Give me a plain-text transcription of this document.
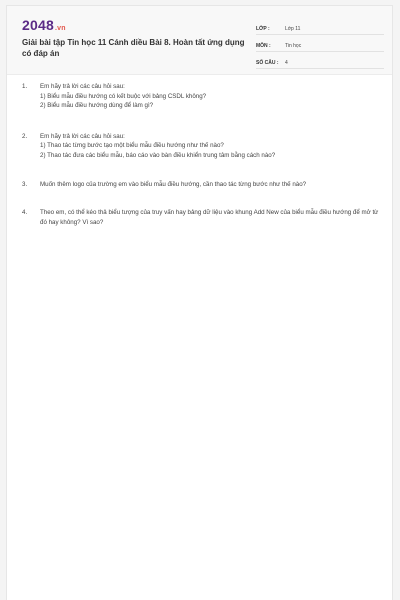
2048.vn
Giải bài tập Tin học 11 Cánh diều Bài 8. Hoàn tất ứng dụng có đáp án
LỚP :	Lớp 11
MÔN :	Tin học
SỐ CÂU :	4
1.	Em hãy trả lời các câu hỏi sau:
1) Biểu mẫu điều hướng có kết buộc với bảng CSDL không?
2) Biểu mẫu điều hướng dùng để làm gì?
2.	Em hãy trả lời các câu hỏi sau:
1) Thao tác từng bước tạo một biểu mẫu điều hướng như thế nào?
2) Thao tác đưa các biểu mẫu, báo cáo vào bàn điều khiển trung tâm bằng cách nào?
3.	Muốn thêm logo của trường em vào biểu mẫu điều hướng, cần thao tác từng bước như thế nào?
4.	Theo em, có thể kéo thả biểu tượng của truy vấn hay bảng dữ liệu vào khung Add New của biểu mẫu điều hướng để mở từ đó hay không? Vì sao?
